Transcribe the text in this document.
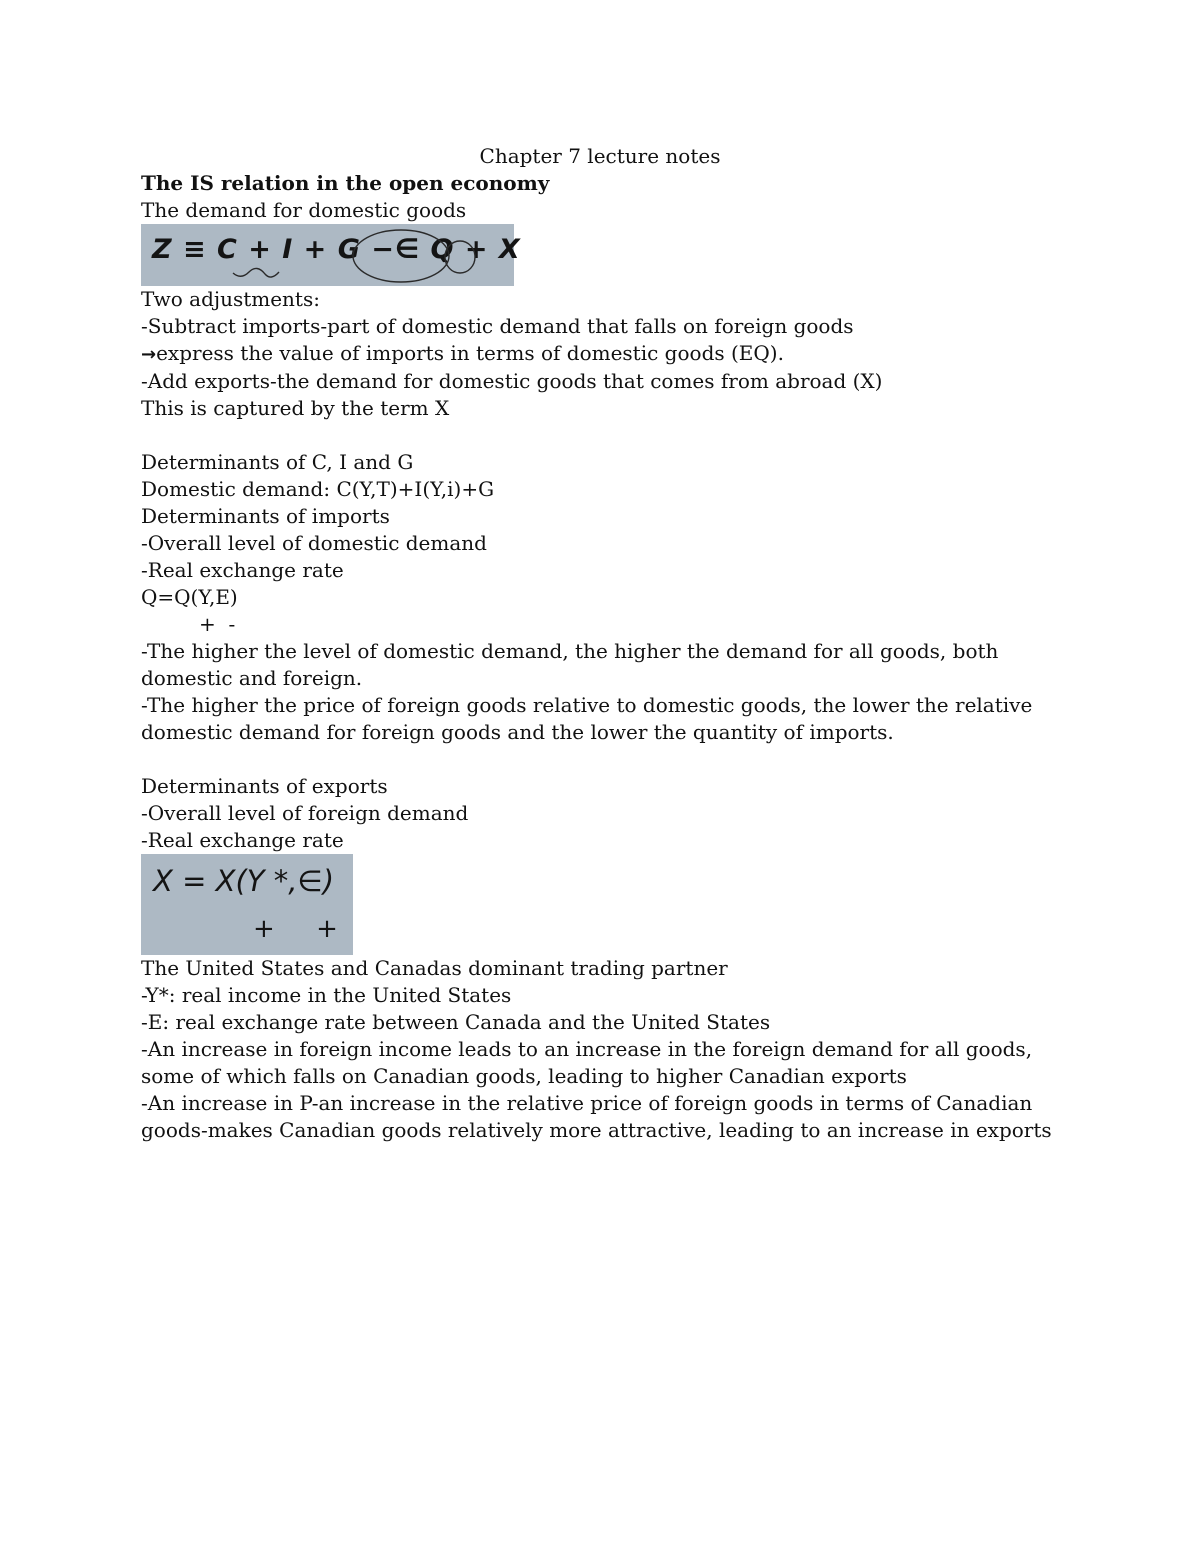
Chapter 7 lecture notes
The IS relation in the open economy
The demand for domestic goods
Z ≡ C + I + G −∈ Q + X
Two adjustments:
-Subtract imports-part of domestic demand that falls on foreign goods
→express the value of imports in terms of domestic goods (EQ).
-Add exports-the demand for domestic goods that comes from abroad (X)
This is captured by the term X
Determinants of C, I and G
Domestic demand: C(Y,T)+I(Y,i)+G
Determinants of imports
-Overall level of domestic demand
-Real exchange rate
Q=Q(Y,E)
+  -
-The higher the level of domestic demand, the higher the demand for all goods, both domestic and foreign.
-The higher the price of foreign goods relative to domestic goods, the lower the relative domestic demand for foreign goods and the lower the quantity of imports.
Determinants of exports
-Overall level of foreign demand
-Real exchange rate
X = X(Y *,∈)
+     +
The United States and Canadas dominant trading partner
-Y*: real income in the United States
-E: real exchange rate between Canada and the United States
-An increase in foreign income leads to an increase in the foreign demand for all goods, some of which falls on Canadian goods, leading to higher Canadian exports
-An increase in P-an increase in the relative price of foreign goods in terms of Canadian goods-makes Canadian goods relatively more attractive, leading to an increase in exports
